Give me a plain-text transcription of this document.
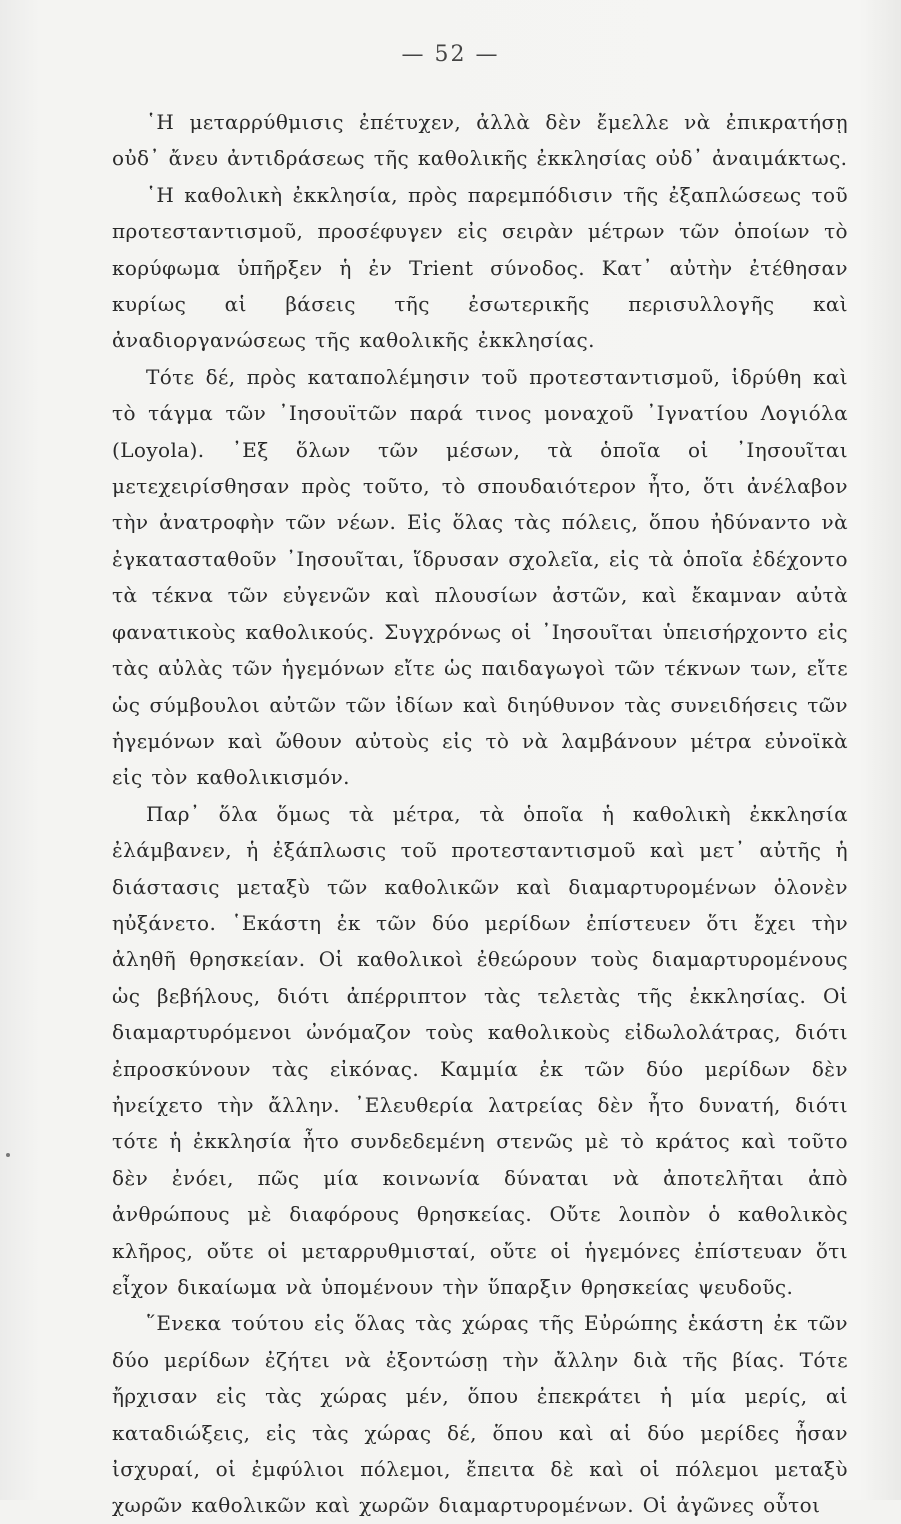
— 52 —

῾Η μεταρρύθμισις ἐπέτυχεν, ἀλλὰ δὲν ἔμελλε νὰ ἐπικρατήσῃ οὐδ᾽ ἄνευ ἀντιδράσεως τῆς καθολικῆς ἐκκλησίας οὐδ᾽ ἀναιμάκτως.

῾Η καθολικὴ ἐκκλησία, πρὸς παρεμπόδισιν τῆς ἐξαπλώσεως τοῦ προτεσταντισμοῦ, προσέφυγεν εἰς σειρὰν μέτρων τῶν ὁποίων τὸ κορύφωμα ὑπῆρξεν ἡ ἐν Trient σύνοδος. Κατ᾽ αὐτὴν ἐτέθησαν κυρίως αἱ βάσεις τῆς ἐσωτερικῆς περισυλλογῆς καὶ ἀναδιοργανώσεως τῆς καθολικῆς ἐκκλησίας.

Τότε δέ, πρὸς καταπολέμησιν τοῦ προτεσταντισμοῦ, ἱδρύθη καὶ τὸ τάγμα τῶν ᾽Ιησουϊτῶν παρά τινος μοναχοῦ ᾽Ιγνατίου Λογιόλα (Loyola). ᾽Εξ ὅλων τῶν μέσων, τὰ ὁποῖα οἱ ᾽Ιησουῖται μετεχειρίσθησαν πρὸς τοῦτο, τὸ σπουδαιότερον ἦτο, ὅτι ἀνέλαβον τὴν ἀνατροφὴν τῶν νέων. Εἰς ὅλας τὰς πόλεις, ὅπου ἠδύναντο νὰ ἐγκατασταθοῦν ᾽Ιησουῖται, ἵδρυσαν σχολεῖα, εἰς τὰ ὁποῖα ἐδέχοντο τὰ τέκνα τῶν εὐγενῶν καὶ πλουσίων ἀστῶν, καὶ ἔκαμναν αὐτὰ φανατικοὺς καθολικούς. Συγχρόνως οἱ ᾽Ιησουῖται ὑπεισήρχοντο εἰς τὰς αὐλὰς τῶν ἡγεμόνων εἴτε ὡς παιδαγωγοὶ τῶν τέκνων των, εἴτε ὡς σύμβουλοι αὐτῶν τῶν ἰδίων καὶ διηύθυνον τὰς συνειδήσεις τῶν ἡγεμόνων καὶ ὤθουν αὐτοὺς εἰς τὸ νὰ λαμβάνουν μέτρα εὐνοϊκὰ εἰς τὸν καθολικισμόν.

Παρ᾽ ὅλα ὅμως τὰ μέτρα, τὰ ὁποῖα ἡ καθολικὴ ἐκκλησία ἐλάμβανεν, ἡ ἐξάπλωσις τοῦ προτεσταντισμοῦ καὶ μετ᾽ αὐτῆς ἡ διάστασις μεταξὺ τῶν καθολικῶν καὶ διαμαρτυρομένων ὁλονὲν ηὐξάνετο. ῾Εκάστη ἐκ τῶν δύο μερίδων ἐπίστευεν ὅτι ἔχει τὴν ἀληθῆ θρησκείαν. Οἱ καθολικοὶ ἐθεώρουν τοὺς διαμαρτυρομένους ὡς βεβήλους, διότι ἀπέρριπτον τὰς τελετὰς τῆς ἐκκλησίας. Οἱ διαμαρτυρόμενοι ὠνόμαζον τοὺς καθολικοὺς εἰδωλολάτρας, διότι ἐπροσκύνουν τὰς εἰκόνας. Καμμία ἐκ τῶν δύο μερίδων δὲν ἠνείχετο τὴν ἄλλην. ᾽Ελευθερία λατρείας δὲν ἦτο δυνατή, διότι τότε ἡ ἐκκλησία ἦτο συνδεδεμένη στενῶς μὲ τὸ κράτος καὶ τοῦτο δὲν ἐνόει, πῶς μία κοινωνία δύναται νὰ ἀποτελῆται ἀπὸ ἀνθρώπους μὲ διαφόρους θρησκείας. Οὔτε λοιπὸν ὁ καθολικὸς κλῆρος, οὔτε οἱ μεταρρυθμισταί, οὔτε οἱ ἡγεμόνες ἐπίστευαν ὅτι εἶχον δικαίωμα νὰ ὑπομένουν τὴν ὕπαρξιν θρησκείας ψευδοῦς.

῞Ενεκα τούτου εἰς ὅλας τὰς χώρας τῆς Εὐρώπης ἑκάστη ἐκ τῶν δύο μερίδων ἐζήτει νὰ ἐξοντώσῃ τὴν ἄλλην διὰ τῆς βίας. Τότε ἤρχισαν εἰς τὰς χώρας μέν, ὅπου ἐπεκράτει ἡ μία μερίς, αἱ καταδιώξεις, εἰς τὰς χώρας δέ, ὅπου καὶ αἱ δύο μερίδες ἦσαν ἰσχυραί, οἱ ἐμφύλιοι πόλεμοι, ἔπειτα δὲ καὶ οἱ πόλεμοι μεταξὺ χωρῶν καθολικῶν καὶ χωρῶν διαμαρτυρομένων. Οἱ ἀγῶνες οὗτοι
